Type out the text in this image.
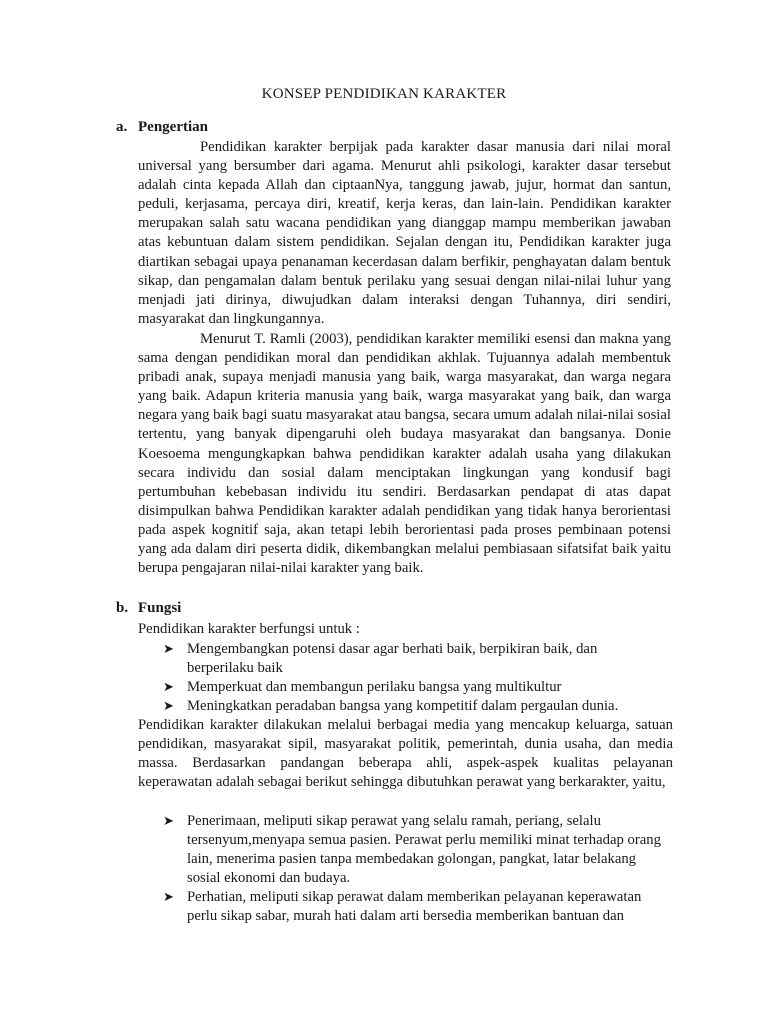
KONSEP PENDIDIKAN KARAKTER
a. Pengertian
Pendidikan karakter berpijak pada karakter dasar manusia dari nilai moral universal yang bersumber dari agama. Menurut ahli psikologi, karakter dasar tersebut adalah cinta kepada Allah dan ciptaanNya, tanggung jawab, jujur, hormat dan santun, peduli, kerjasama, percaya diri, kreatif, kerja keras, dan lain-lain. Pendidikan karakter merupakan salah satu wacana pendidikan yang dianggap mampu memberikan jawaban atas kebuntuan dalam sistem pendidikan. Sejalan dengan itu, Pendidikan karakter juga diartikan sebagai upaya penanaman kecerdasan dalam berfikir, penghayatan dalam bentuk sikap, dan pengamalan dalam bentuk perilaku yang sesuai dengan nilai-nilai luhur yang menjadi jati dirinya, diwujudkan dalam interaksi dengan Tuhannya, diri sendiri, masyarakat dan lingkungannya.
Menurut T. Ramli (2003), pendidikan karakter memiliki esensi dan makna yang sama dengan pendidikan moral dan pendidikan akhlak. Tujuannya adalah membentuk pribadi anak, supaya menjadi manusia yang baik, warga masyarakat, dan warga negara yang baik. Adapun kriteria manusia yang baik, warga masyarakat yang baik, dan warga negara yang baik bagi suatu masyarakat atau bangsa, secara umum adalah nilai-nilai sosial tertentu, yang banyak dipengaruhi oleh budaya masyarakat dan bangsanya. Donie Koesoema mengungkapkan bahwa pendidikan karakter adalah usaha yang dilakukan secara individu dan sosial dalam menciptakan lingkungan yang kondusif bagi pertumbuhan kebebasan individu itu sendiri. Berdasarkan pendapat di atas dapat disimpulkan bahwa Pendidikan karakter adalah pendidikan yang tidak hanya berorientasi pada aspek kognitif saja, akan tetapi lebih berorientasi pada proses pembinaan potensi yang ada dalam diri peserta didik, dikembangkan melalui pembiasaan sifatsifat baik yaitu berupa pengajaran nilai-nilai karakter yang baik.
b. Fungsi
Pendidikan karakter berfungsi untuk :
➤ Mengembangkan potensi dasar agar berhati baik, berpikiran baik, dan berperilaku baik
➤ Memperkuat dan membangun perilaku bangsa yang multikultur
➤ Meningkatkan peradaban bangsa yang kompetitif dalam pergaulan dunia.
Pendidikan karakter dilakukan melalui berbagai media yang mencakup keluarga, satuan pendidikan, masyarakat sipil, masyarakat politik, pemerintah, dunia usaha, dan media massa. Berdasarkan pandangan beberapa ahli, aspek-aspek kualitas pelayanan keperawatan adalah sebagai berikut sehingga dibutuhkan perawat yang berkarakter, yaitu,
➤ Penerimaan, meliputi sikap perawat yang selalu ramah, periang, selalu tersenyum,menyapa semua pasien. Perawat perlu memiliki minat terhadap orang lain, menerima pasien tanpa membedakan golongan, pangkat, latar belakang sosial ekonomi dan budaya.
➤ Perhatian, meliputi sikap perawat dalam memberikan pelayanan keperawatan perlu sikap sabar, murah hati dalam arti bersedia memberikan bantuan dan
